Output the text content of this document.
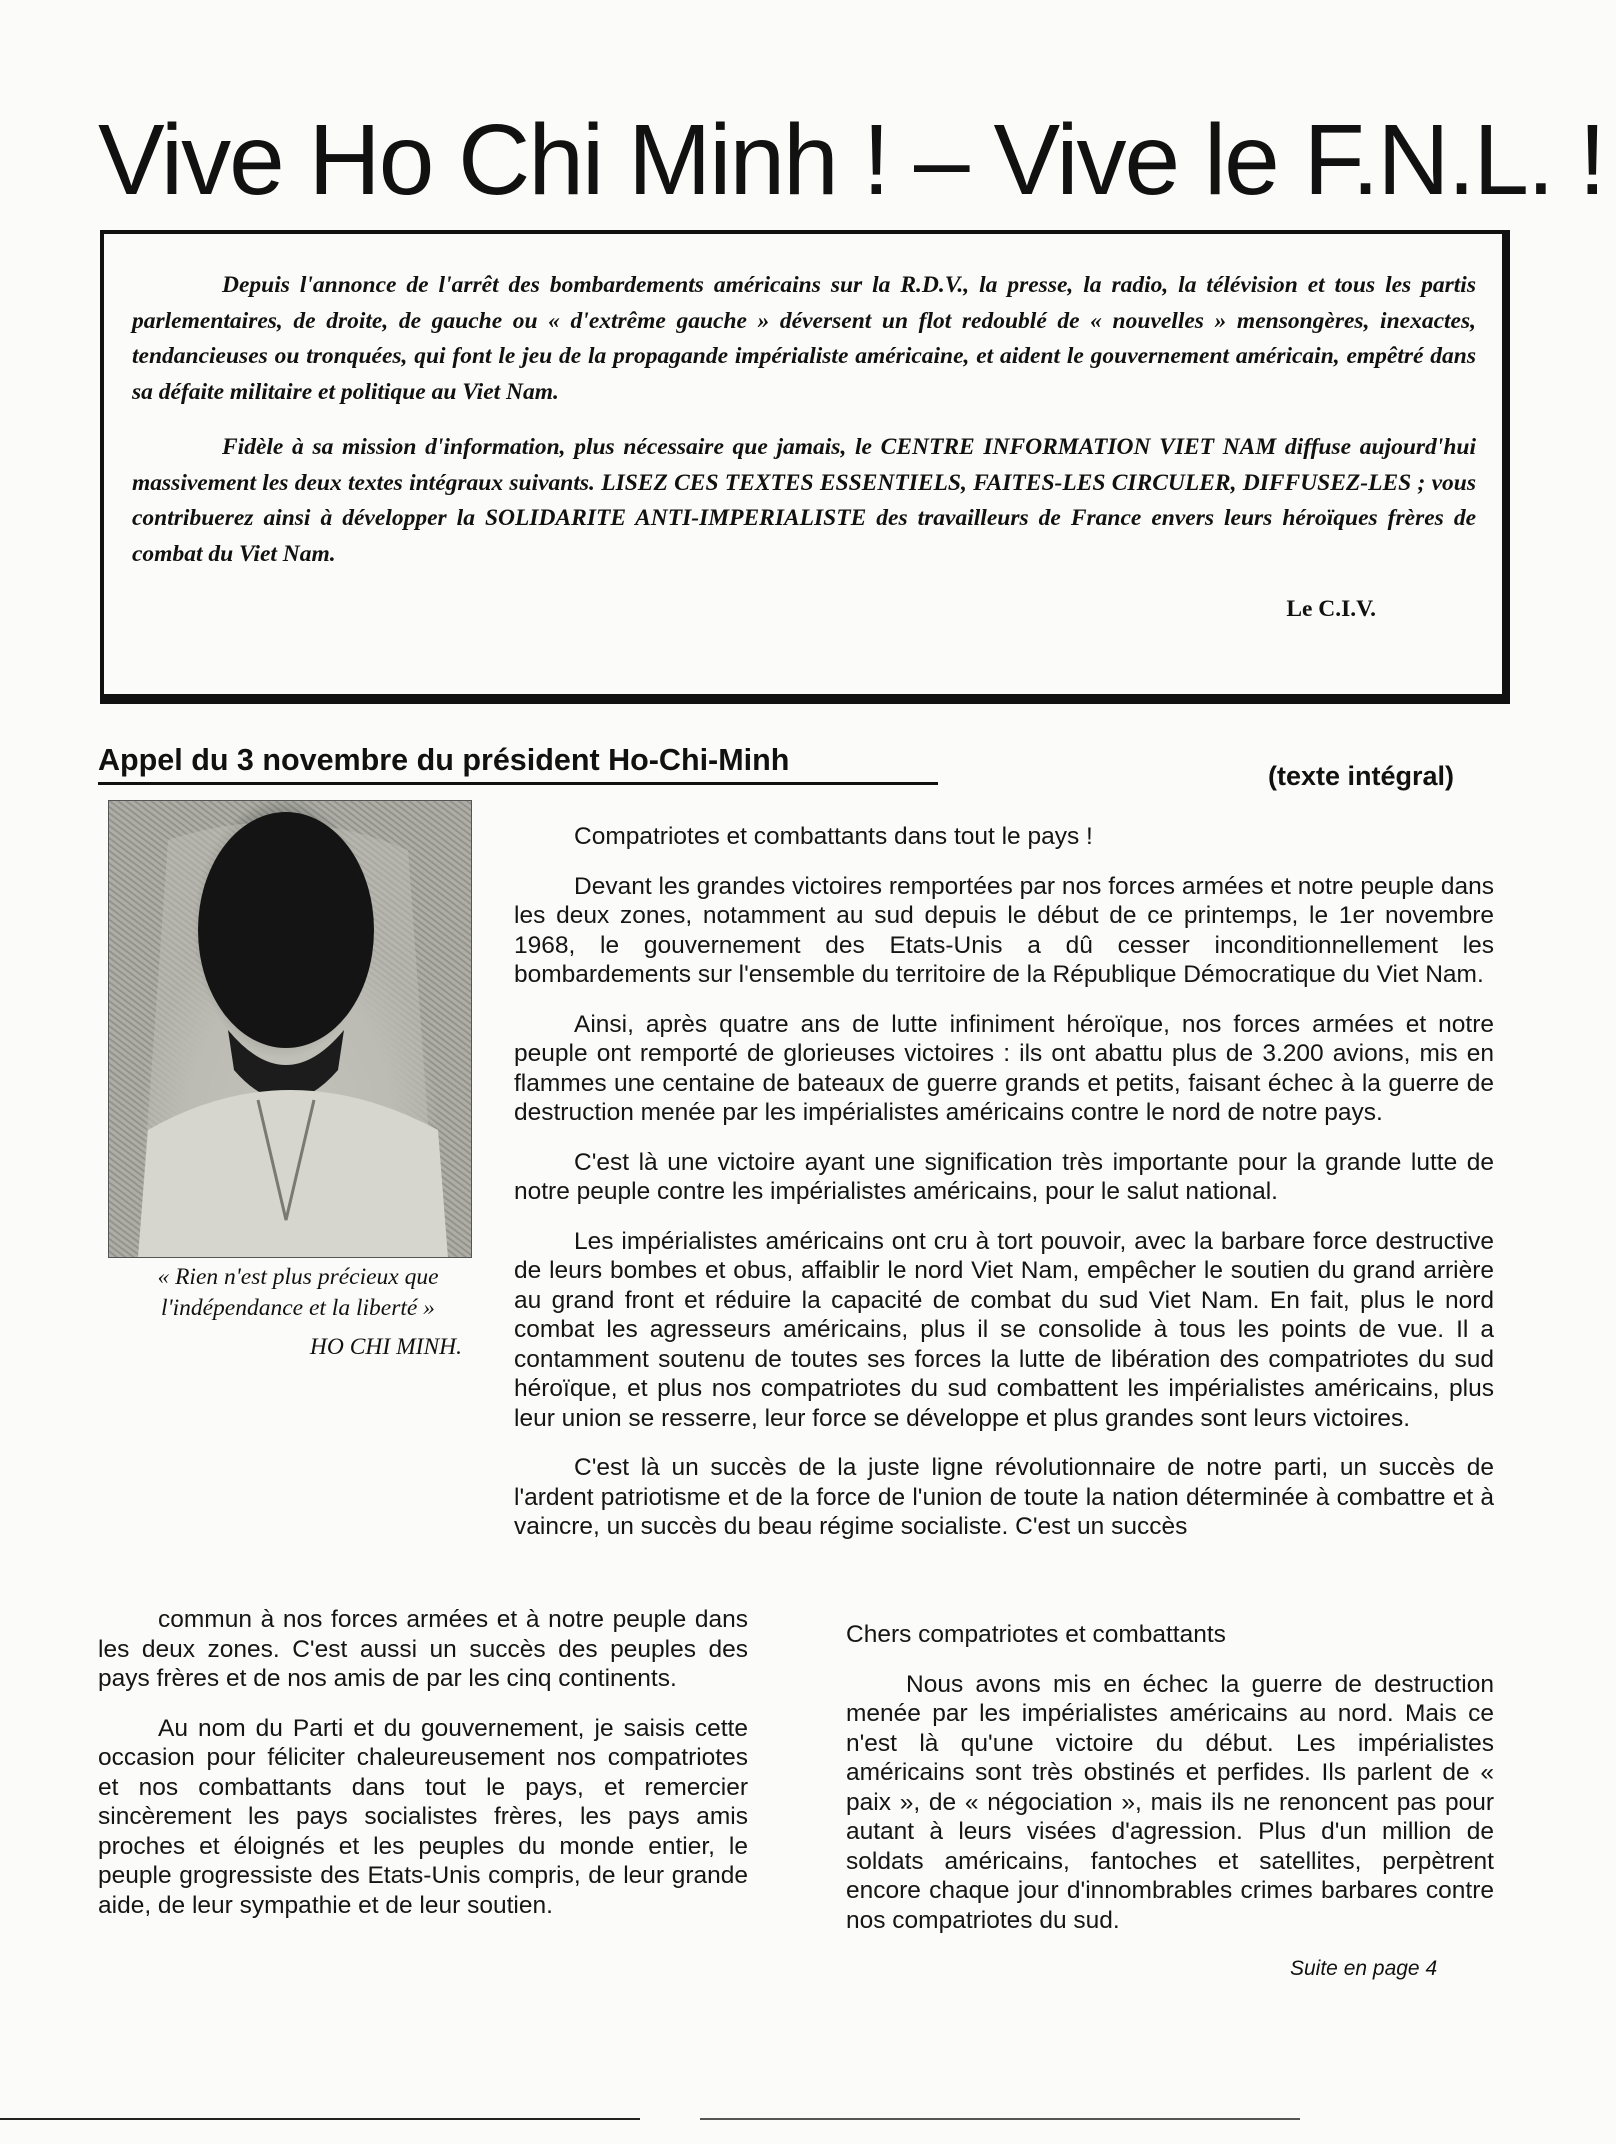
Vive Ho Chi Minh ! – Vive le F.N.L. !

Depuis l'annonce de l'arrêt des bombardements américains sur la R.D.V., la presse, la radio, la télévision et tous les partis parlementaires, de droite, de gauche ou « d'extrême gauche » déversent un flot redoublé de « nouvelles » mensongères, inexactes, tendancieuses ou tronquées, qui font le jeu de la propagande impérialiste américaine, et aident le gouvernement américain, empêtré dans sa défaite militaire et politique au Viet Nam.

Fidèle à sa mission d'information, plus nécessaire que jamais, le CENTRE INFORMATION VIET NAM diffuse aujourd'hui massivement les deux textes intégraux suivants. LISEZ CES TEXTES ESSENTIELS, FAITES-LES CIRCULER, DIFFUSEZ-LES ; vous contribuerez ainsi à développer la SOLIDARITE ANTI-IMPERIALISTE des travailleurs de France envers leurs héroïques frères de combat du Viet Nam.

Le C.I.V.
Appel du 3 novembre du président Ho-Chi-Minh	(texte intégral)

« Rien n'est plus précieux que l'indépendance et la liberté »

HO CHI MINH.

Compatriotes et combattants dans tout le pays !

Devant les grandes victoires remportées par nos forces armées et notre peuple dans les deux zones, notamment au sud depuis le début de ce printemps, le 1er novembre 1968, le gouvernement des Etats-Unis a dû cesser inconditionnellement les bombardements sur l'ensemble du territoire de la République Démocratique du Viet Nam.

Ainsi, après quatre ans de lutte infiniment héroïque, nos forces armées et notre peuple ont remporté de glorieuses victoires : ils ont abattu plus de 3.200 avions, mis en flammes une centaine de bateaux de guerre grands et petits, faisant échec à la guerre de destruction menée par les impérialistes américains contre le nord de notre pays.

C'est là une victoire ayant une signification très importante pour la grande lutte de notre peuple contre les impérialistes américains, pour le salut national.

Les impérialistes américains ont cru à tort pouvoir, avec la barbare force destructive de leurs bombes et obus, affaiblir le nord Viet Nam, empêcher le soutien du grand arrière au grand front et réduire la capacité de combat du sud Viet Nam. En fait, plus le nord combat les agresseurs américains, plus il se consolide à tous les points de vue. Il a contamment soutenu de toutes ses forces la lutte de libération des compatriotes du sud héroïque, et plus nos compatriotes du sud combattent les impérialistes américains, plus leur union se resserre, leur force se développe et plus grandes sont leurs victoires.

C'est là un succès de la juste ligne révolutionnaire de notre parti, un succès de l'ardent patriotisme et de la force de l'union de toute la nation déterminée à combattre et à vaincre, un succès du beau régime socialiste. C'est un succès

commun à nos forces armées et à notre peuple dans les deux zones. C'est aussi un succès des peuples des pays frères et de nos amis de par les cinq continents.

Au nom du Parti et du gouvernement, je saisis cette occasion pour féliciter chaleureusement nos compatriotes et nos combattants dans tout le pays, et remercier sincèrement les pays socialistes frères, les pays amis proches et éloignés et les peuples du monde entier, le peuple grogressiste des Etats-Unis compris, de leur grande aide, de leur sympathie et de leur soutien.

Chers compatriotes et combattants

Nous avons mis en échec la guerre de destruction menée par les impérialistes américains au nord. Mais ce n'est là qu'une victoire du début. Les impérialistes américains sont très obstinés et perfides. Ils parlent de « paix », de « négociation », mais ils ne renoncent pas pour autant à leurs visées d'agression. Plus d'un million de soldats américains, fantoches et satellites, perpètrent encore chaque jour d'innombrables crimes barbares contre nos compatriotes du sud.

Suite en page 4
